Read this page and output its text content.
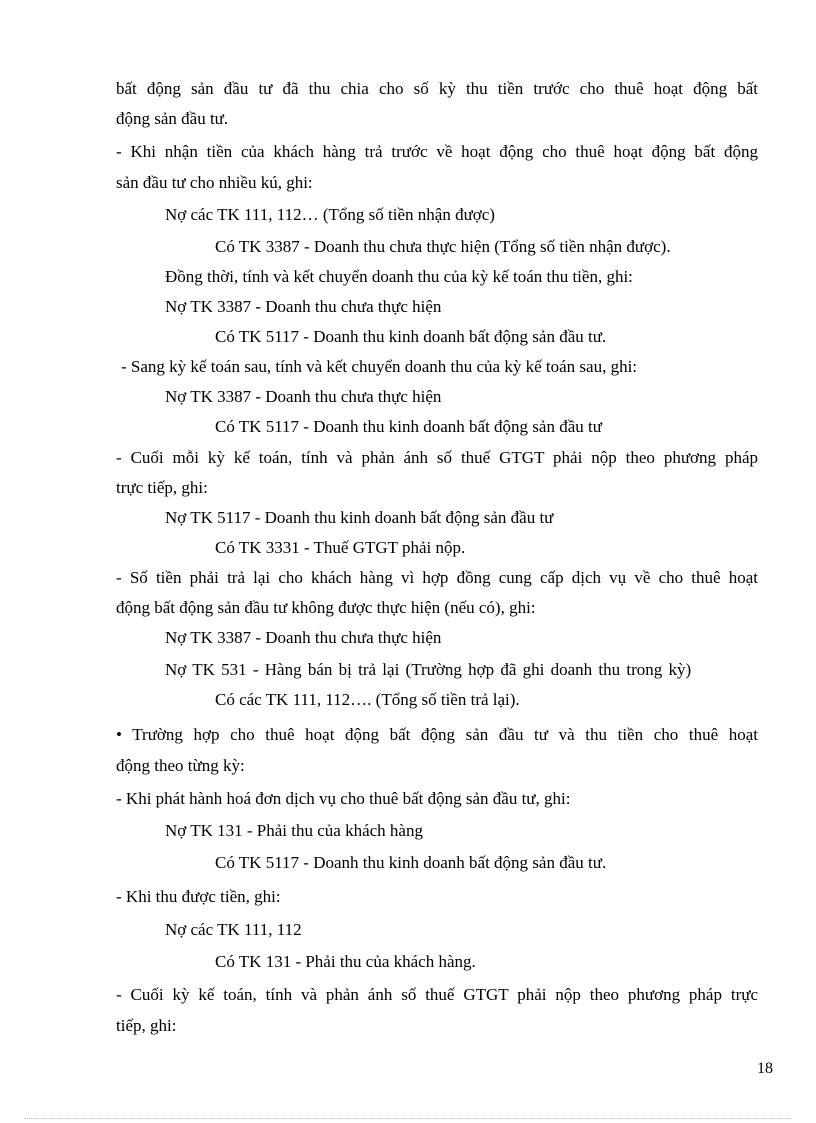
bất động sản đầu tư đã thu chia cho số kỳ thu tiền trước cho thuê hoạt động bất
động sản đầu tư.
- Khi nhận tiền của khách hàng trả trước về hoạt động cho thuê hoạt động bất động
sản đầu tư cho nhiều kú, ghi:
Nợ các TK 111, 112… (Tổng số tiền nhận được)
Có TK 3387 - Doanh thu chưa thực hiện (Tổng số tiền nhận được).
Đồng thời, tính và kết chuyển doanh thu của kỳ kế toán thu tiền, ghi:
Nợ TK 3387 - Doanh thu chưa thực hiện
Có TK 5117 - Doanh thu kinh doanh bất động sản đầu tư.
- Sang kỳ kế toán sau, tính và kết chuyển doanh thu của kỳ kế toán sau, ghi:
Nợ TK 3387 - Doanh thu chưa thực hiện
Có TK 5117 - Doanh thu kinh doanh bất động sản đầu tư
- Cuối mỗi kỳ kế toán, tính và phản ánh số thuế GTGT phải nộp theo phương pháp
trực tiếp, ghi:
Nợ TK 5117 - Doanh thu kinh doanh bất động sản đầu tư
Có TK 3331 - Thuế GTGT phải nộp.
- Số tiền phải trả lại cho khách hàng vì hợp đồng cung cấp dịch vụ về cho thuê hoạt
động bất động sản đầu tư không được thực hiện (nếu có), ghi:
Nợ TK 3387 - Doanh thu chưa thực hiện
Nợ TK 531 - Hàng bán bị trả lại (Trường hợp đã ghi doanh thu trong kỳ)
Có các TK 111, 112…. (Tổng số tiền trả lại).
• Trường hợp cho thuê hoạt động bất động sản đầu tư và thu tiền cho thuê hoạt
động theo từng kỳ:
- Khi phát hành hoá đơn dịch vụ cho thuê bất động sản đầu tư, ghi:
Nợ TK 131 - Phải thu của khách hàng
Có TK 5117 - Doanh thu kinh doanh bất động sản đầu tư.
- Khi thu được tiền, ghi:
Nợ các TK 111, 112
Có TK 131 - Phải thu của khách hàng.
- Cuối kỳ kế toán, tính và phản ánh số thuế GTGT phải nộp theo phương pháp trực
tiếp, ghi:
18
